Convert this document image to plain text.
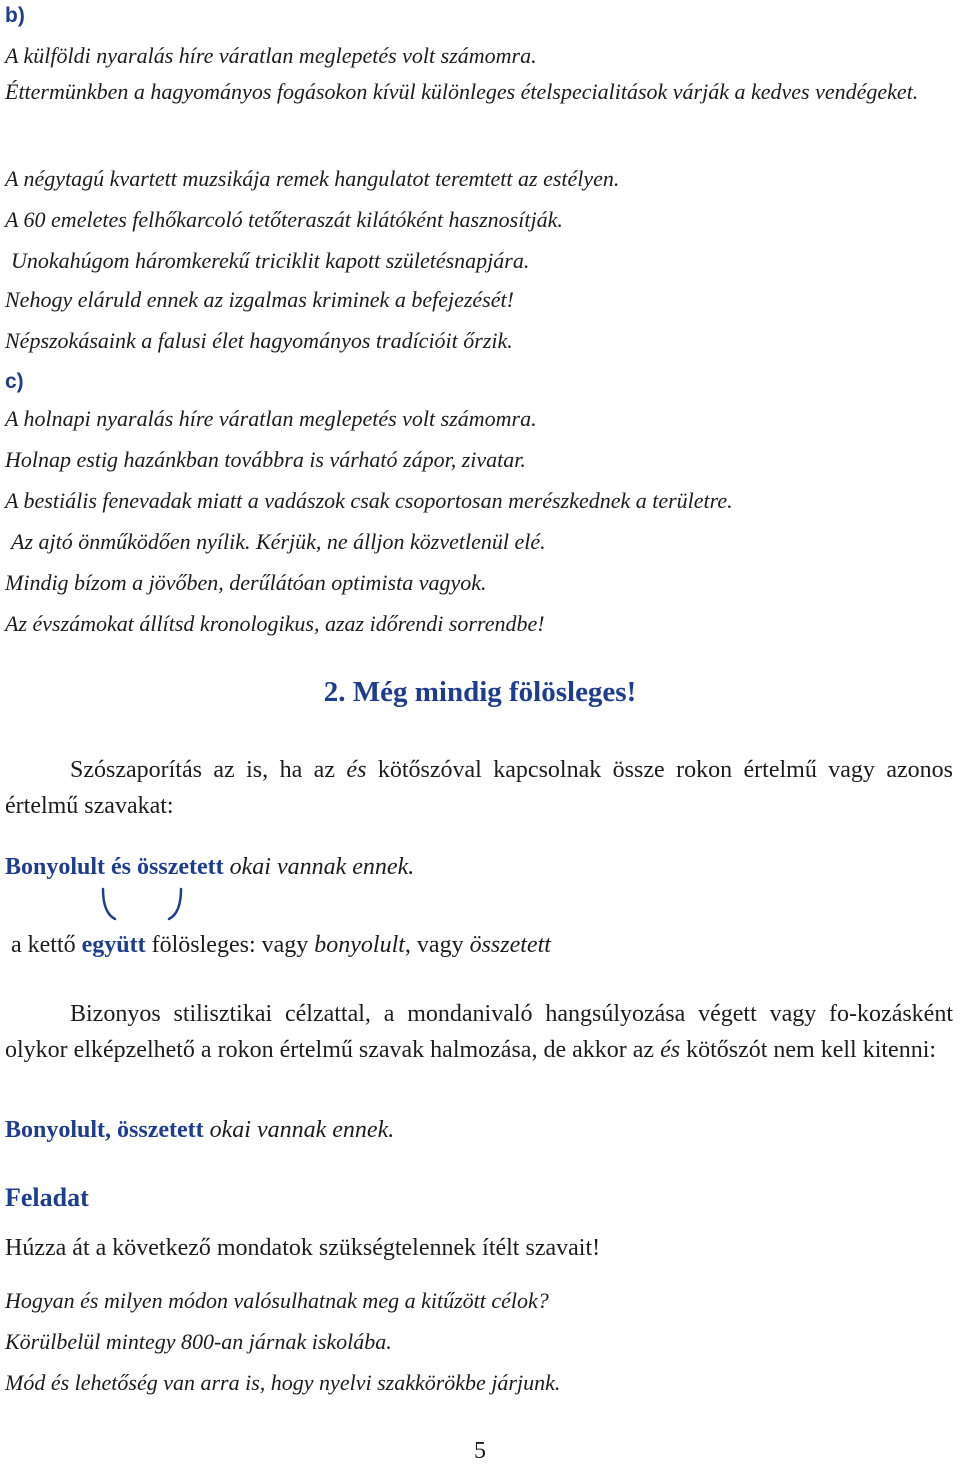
b)
A külföldi nyaralás híre váratlan meglepetés volt számomra.
Éttermünkben a hagyományos fogásokon kívül különleges ételspecialitások várják a kedves vendégeket.
A négytagú kvartett muzsikája remek hangulatot teremtett az estélyen.
A 60 emeletes felhőkarcoló tetőteraszát kilátóként hasznosítják.
Unokahúgom háromkerekű triciklit kapott születésnapjára.
Nehogy eláruld ennek az izgalmas kriminek a befejezését!
Népszokásaink a falusi élet hagyományos tradícióit őrzik.
c)
A holnapi nyaralás híre váratlan meglepetés volt számomra.
Holnap estig hazánkban továbbra is várható zápor, zivatar.
A bestiális fenevadak miatt a vadászok csak csoportosan merészkednek a területre.
Az ajtó önműködően nyílik. Kérjük, ne álljon közvetlenül elé.
Mindig bízom a jövőben, derűlátóan optimista vagyok.
Az évszámokat állítsd kronologikus, azaz időrendi sorrendbe!
2. Még mindig fölösleges!
Szószaporítás az is, ha az és kötőszóval kapcsolnak össze rokon értelmű vagy azonos értelmű szavakat:
Bonyolult és összetett okai vannak ennek.
a kettő együtt fölösleges: vagy bonyolult, vagy összetett
Bizonyos stilisztikai célzattal, a mondanivaló hangsúlyozása végett vagy fo-kozásként olykor elképzelhető a rokon értelmű szavak halmozása, de akkor az és kötőszót nem kell kitenni:
Bonyolult, összetett okai vannak ennek.
Feladat
Húzza át a következő mondatok szükségtelennek ítélt szavait!
Hogyan és milyen módon valósulhatnak meg a kitűzött célok?
Körülbelül mintegy 800-an járnak iskolába.
Mód és lehetőség van arra is, hogy nyelvi szakkörökbe járjunk.
5
